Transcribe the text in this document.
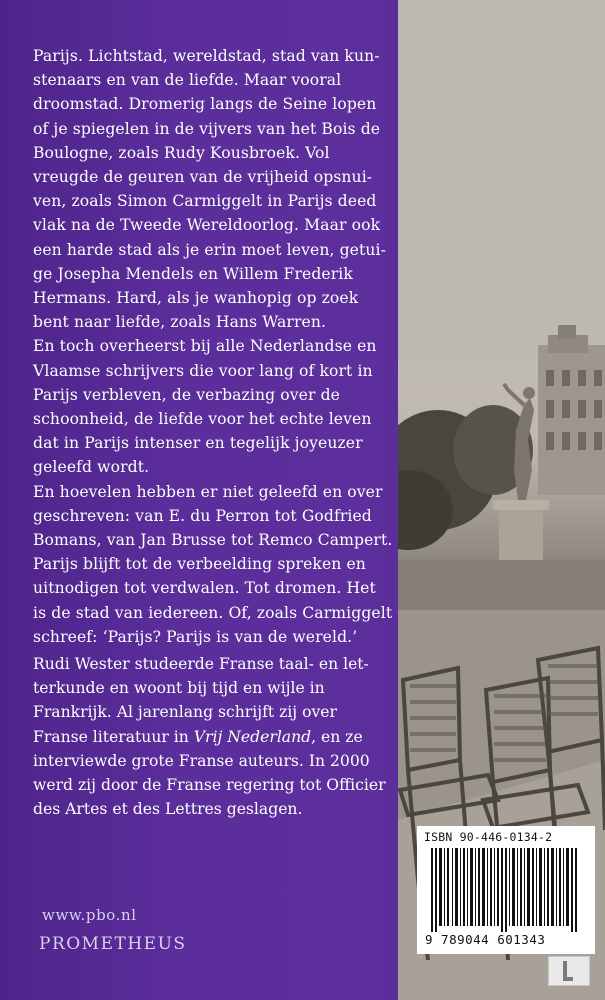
Parijs. Lichtstad, wereldstad, stad van kun-
stenaars en van de liefde. Maar vooral
droomstad. Dromerig langs de Seine lopen
of je spiegelen in de vijvers van het Bois de
Boulogne, zoals Rudy Kousbroek. Vol
vreugde de geuren van de vrijheid opsnui-
ven, zoals Simon Carmiggelt in Parijs deed
vlak na de Tweede Wereldoorlog. Maar ook
een harde stad als je erin moet leven, getui-
ge Josepha Mendels en Willem Frederik
Hermans. Hard, als je wanhopig op zoek
bent naar liefde, zoals Hans Warren.

En toch overheerst bij alle Nederlandse en
Vlaamse schrijvers die voor lang of kort in
Parijs verbleven, de verbazing over de
schoonheid, de liefde voor het echte leven
dat in Parijs intenser en tegelijk joyeuzer
geleefd wordt.

En hoevelen hebben er niet geleefd en over
geschreven: van E. du Perron tot Godfried
Bomans, van Jan Brusse tot Remco Campert.
Parijs blijft tot de verbeelding spreken en
uitnodigen tot verdwalen. Tot dromen. Het
is de stad van iedereen. Of, zoals Carmiggelt
schreef: ‘Parijs? Parijs is van de wereld.’

Rudi Wester studeerde Franse taal- en let-
terkunde en woont bij tijd en wijle in
Frankrijk. Al jarenlang schrijft zij over
Franse literatuur in Vrij Nederland, en ze
interviewde grote Franse auteurs. In 2000
werd zij door de Franse regering tot Officier
des Artes et des Lettres geslagen.
www.pbo.nl
PROMETHEUS
ISBN 90-446-0134-2
9 789044 601343
